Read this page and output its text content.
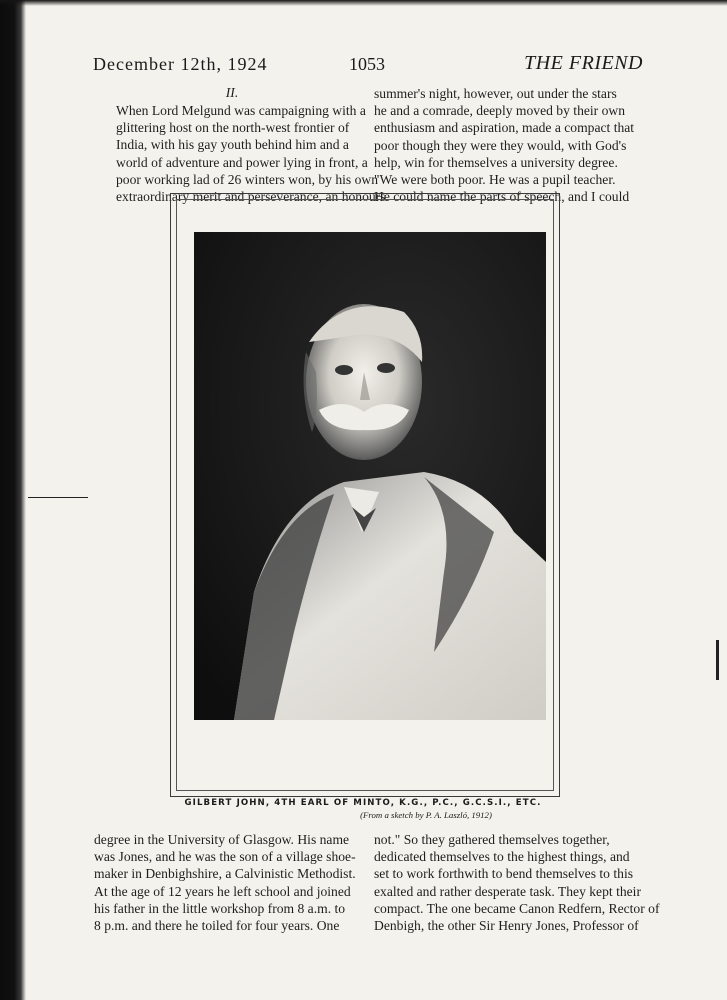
December 12th, 1924	1053	THE FRIEND

II.

When Lord Melgund was campaigning with a
glittering host on the north-west frontier of
India, with his gay youth behind him and a
world of adventure and power lying in front, a
poor working lad of 26 winters won, by his own
extraordinary merit and perseverance, an honours

summer's night, however, out under the stars
he and a comrade, deeply moved by their own
enthusiasm and aspiration, made a compact that
poor though they were they would, with God's
help, win for themselves a university degree.
"We were both poor. He was a pupil teacher.
He could name the parts of speech, and I could

GILBERT JOHN, 4TH EARL OF MINTO, K.G., P.C., G.C.S.I., ETC.
(From a sketch by P. A. Laszló, 1912)

degree in the University of Glasgow. His name
was Jones, and he was the son of a village shoe-
maker in Denbighshire, a Calvinistic Methodist.
At the age of 12 years he left school and joined
his father in the little workshop from 8 a.m. to
8 p.m. and there he toiled for four years. One

not." So they gathered themselves together,
dedicated themselves to the highest things, and
set to work forthwith to bend themselves to this
exalted and rather desperate task. They kept their
compact. The one became Canon Redfern, Rector of
Denbigh, the other Sir Henry Jones, Professor of
